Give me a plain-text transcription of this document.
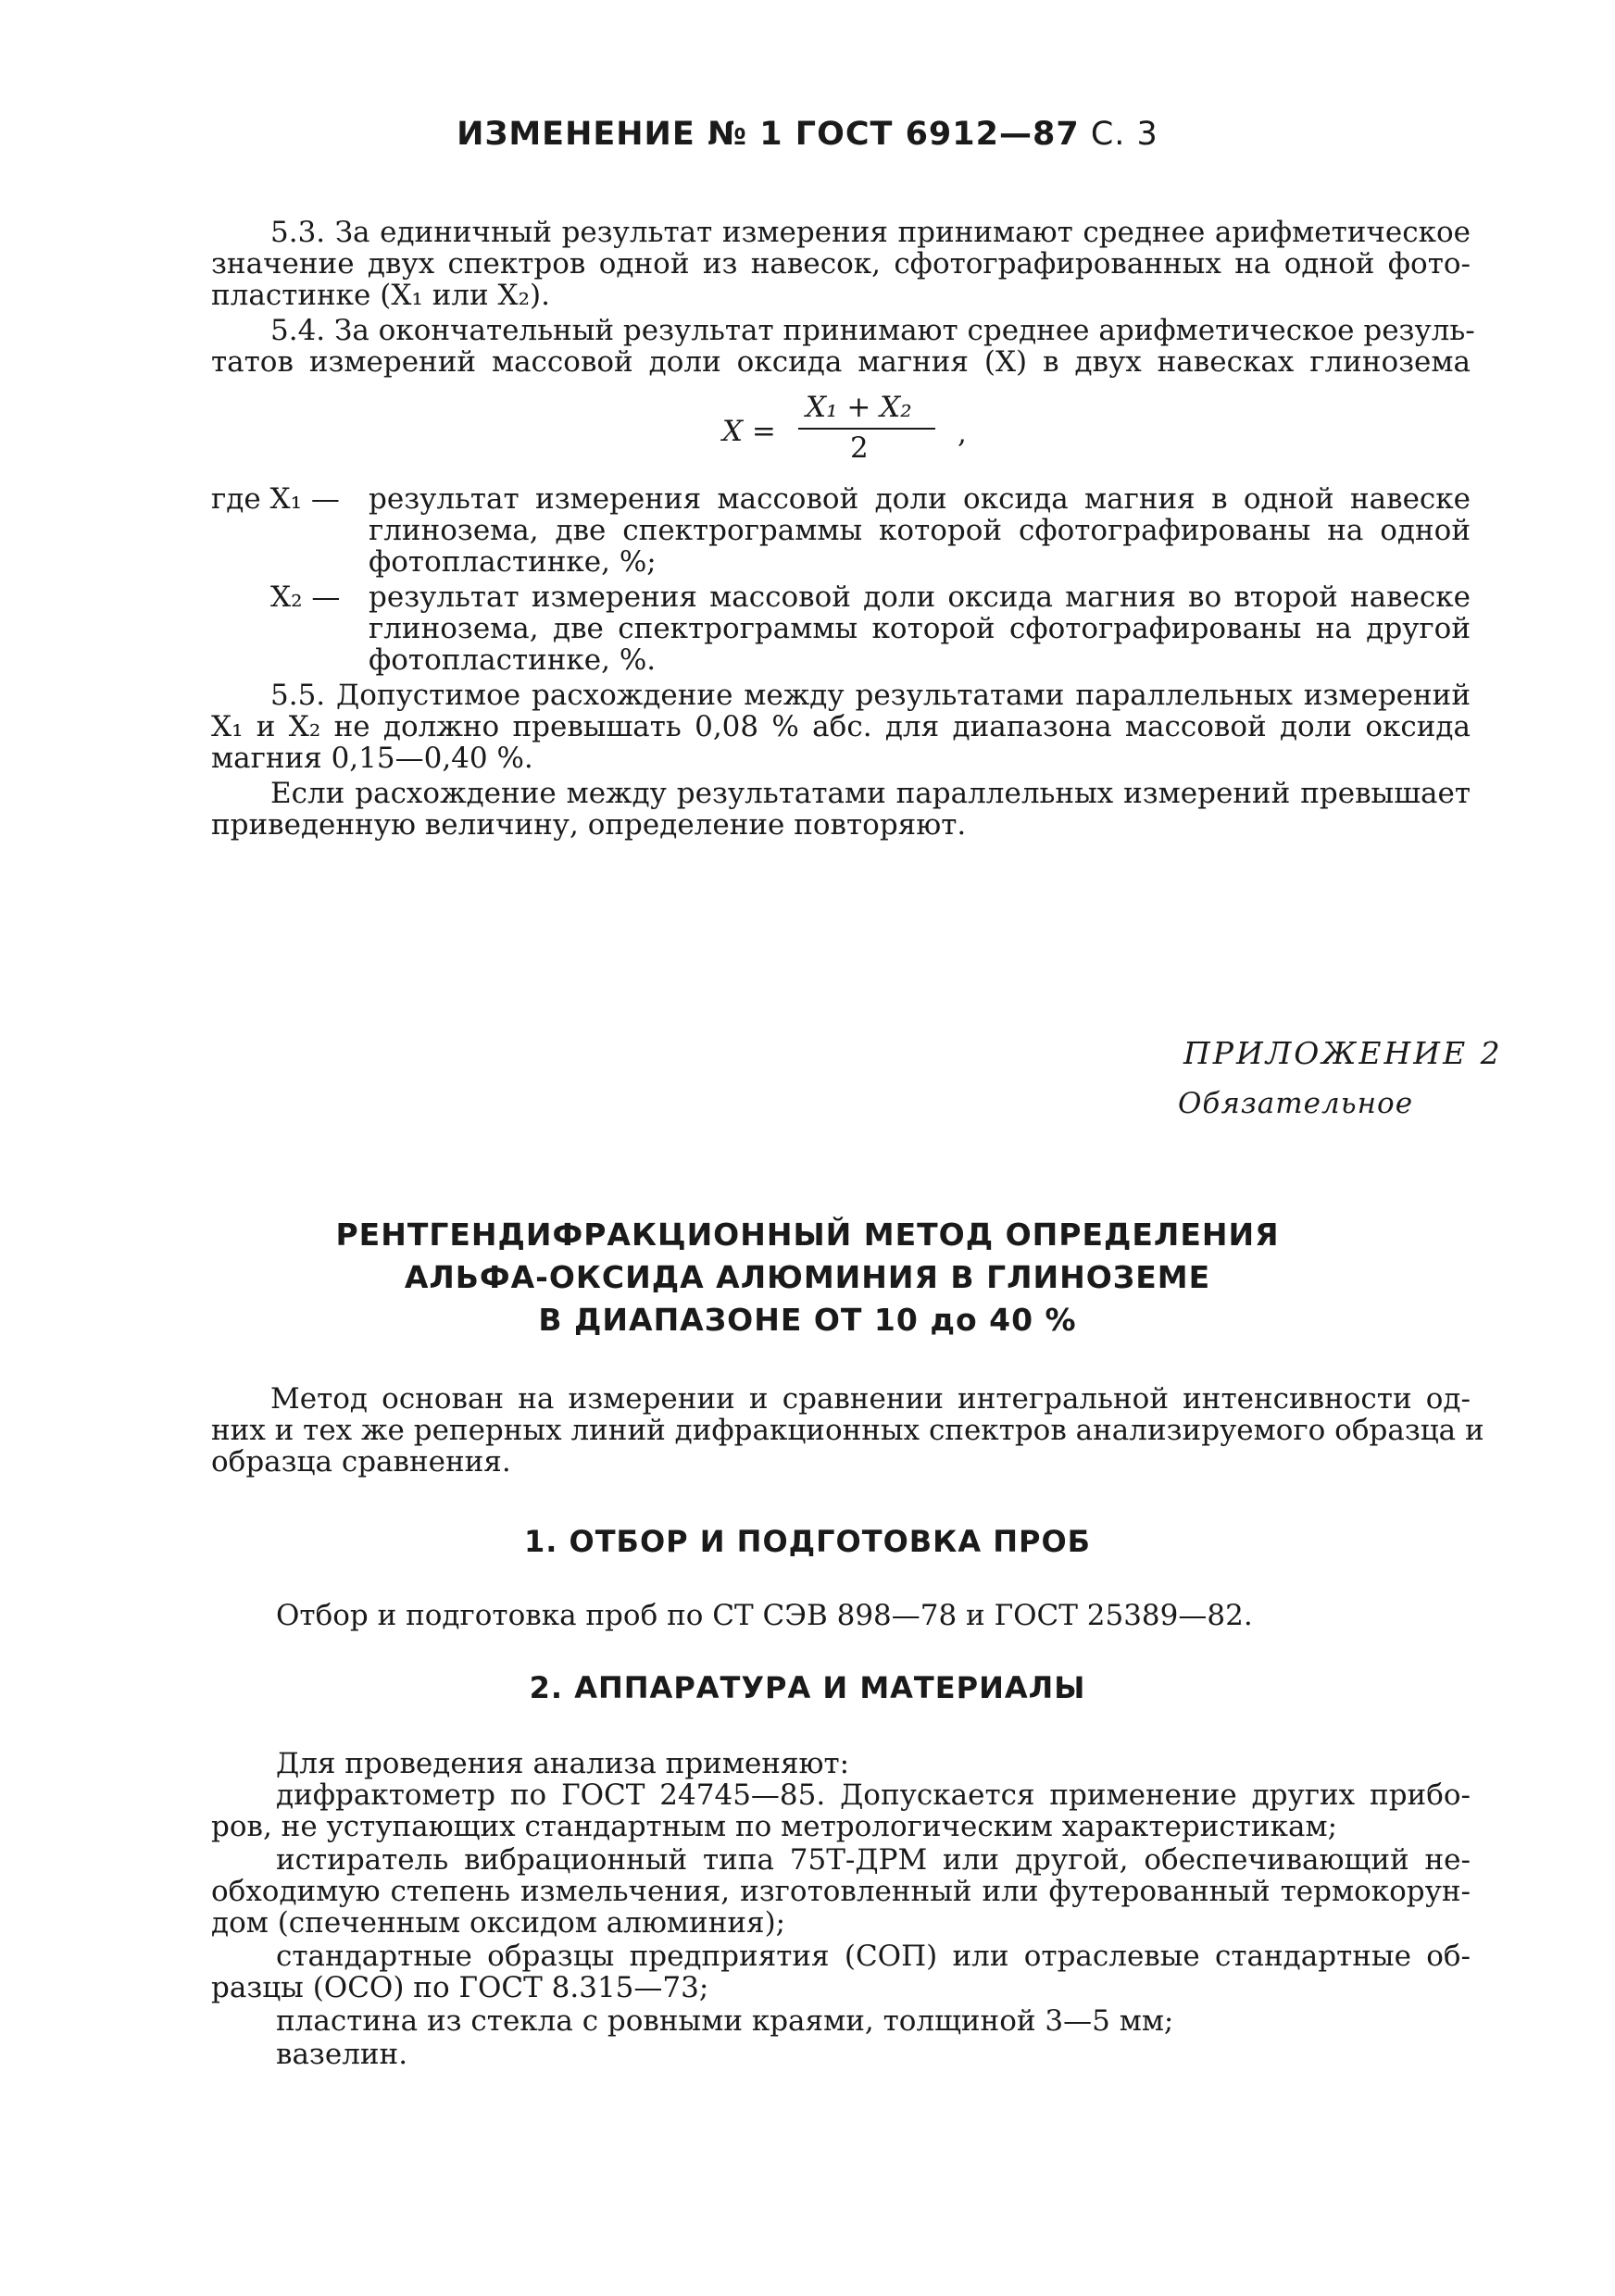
ИЗМЕНЕНИЕ № 1 ГОСТ 6912—87 С. 3
5.3. За единичный результат измерения принимают среднее арифметическое
значение двух спектров одной из навесок, сфотографированных на одной фото-
пластинке (X₁ или X₂).
5.4. За окончательный результат принимают среднее арифметическое резуль-
татов измерений массовой доли оксида магния (X) в двух навесках глинозема
X =
X₁ + X₂
2	,
где X₁ — результат измерения массовой доли оксида магния в одной навеске
глинозема, две спектрограммы которой сфотографированы на одной
фотопластинке, %;
X₂ — результат измерения массовой доли оксида магния во второй навеске
глинозема, две спектрограммы которой сфотографированы на другой
фотопластинке, %.
5.5. Допустимое расхождение между результатами параллельных измерений
X₁ и X₂ не должно превышать 0,08 % абс. для диапазона массовой доли оксида
магния 0,15—0,40 %.
Если расхождение между результатами параллельных измерений превышает
приведенную величину, определение повторяют.
ПРИЛОЖЕНИЕ 2
Обязательное
РЕНТГЕНДИФРАКЦИОННЫЙ МЕТОД ОПРЕДЕЛЕНИЯ
АЛЬФА-ОКСИДА АЛЮМИНИЯ В ГЛИНОЗЕМЕ
В ДИАПАЗОНЕ ОТ 10 до 40 %
Метод основан на измерении и сравнении интегральной интенсивности од-
них и тех же реперных линий дифракционных спектров анализируемого образца и
образца сравнения.
1. ОТБОР И ПОДГОТОВКА ПРОБ
Отбор и подготовка проб по СТ СЭВ 898—78 и ГОСТ 25389—82.
2. АППАРАТУРА И МАТЕРИАЛЫ
Для проведения анализа применяют:
дифрактометр по ГОСТ 24745—85. Допускается применение других прибо-
ров, не уступающих стандартным по метрологическим характеристикам;
истиратель вибрационный типа 75Т-ДРМ или другой, обеспечивающий не-
обходимую степень измельчения, изготовленный или футерованный термокорун-
дом (спеченным оксидом алюминия);
стандартные образцы предприятия (СОП) или отраслевые стандартные об-
разцы (ОСО) по ГОСТ 8.315—73;
пластина из стекла с ровными краями, толщиной 3—5 мм;
вазелин.
